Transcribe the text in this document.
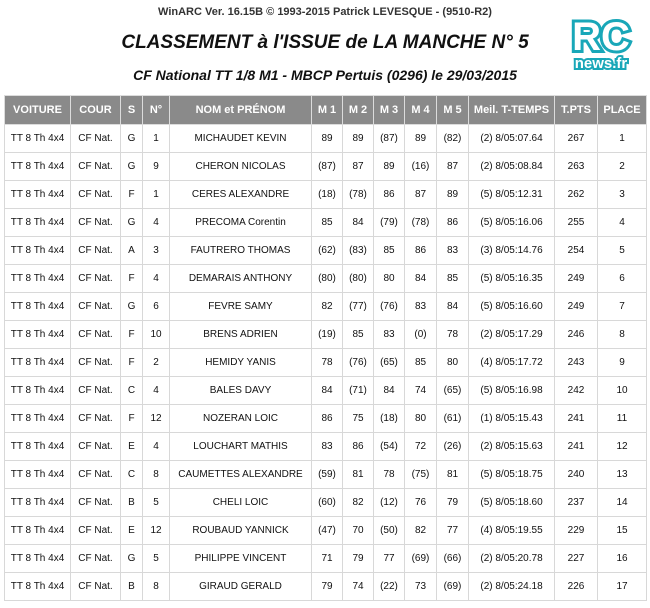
WinARC Ver. 16.15B © 1993-2015 Patrick LEVESQUE - (9510-R2)
RC
news.fr
CLASSEMENT à l'ISSUE de LA MANCHE N° 5
CF National TT 1/8 M1 - MBCP Pertuis (0296) le 29/03/2015
VOITURE	COUR	S	N°	NOM et PRÉNOM	M 1	M 2	M 3	M 4	M 5	Meil. T-TEMPS	T.PTS	PLACE
TT 8 Th 4x4	CF Nat.	G	1	MICHAUDET KEVIN	89	89	(87)	89	(82)	(2) 8/05:07.64	267	1
TT 8 Th 4x4	CF Nat.	G	9	CHERON NICOLAS	(87)	87	89	(16)	87	(2) 8/05:08.84	263	2
TT 8 Th 4x4	CF Nat.	F	1	CERES ALEXANDRE	(18)	(78)	86	87	89	(5) 8/05:12.31	262	3
TT 8 Th 4x4	CF Nat.	G	4	PRECOMA Corentin	85	84	(79)	(78)	86	(5) 8/05:16.06	255	4
TT 8 Th 4x4	CF Nat.	A	3	FAUTRERO THOMAS	(62)	(83)	85	86	83	(3) 8/05:14.76	254	5
TT 8 Th 4x4	CF Nat.	F	4	DEMARAIS ANTHONY	(80)	(80)	80	84	85	(5) 8/05:16.35	249	6
TT 8 Th 4x4	CF Nat.	G	6	FEVRE SAMY	82	(77)	(76)	83	84	(5) 8/05:16.60	249	7
TT 8 Th 4x4	CF Nat.	F	10	BRENS ADRIEN	(19)	85	83	(0)	78	(2) 8/05:17.29	246	8
TT 8 Th 4x4	CF Nat.	F	2	HEMIDY YANIS	78	(76)	(65)	85	80	(4) 8/05:17.72	243	9
TT 8 Th 4x4	CF Nat.	C	4	BALES DAVY	84	(71)	84	74	(65)	(5) 8/05:16.98	242	10
TT 8 Th 4x4	CF Nat.	F	12	NOZERAN LOIC	86	75	(18)	80	(61)	(1) 8/05:15.43	241	11
TT 8 Th 4x4	CF Nat.	E	4	LOUCHART MATHIS	83	86	(54)	72	(26)	(2) 8/05:15.63	241	12
TT 8 Th 4x4	CF Nat.	C	8	CAUMETTES ALEXANDRE	(59)	81	78	(75)	81	(5) 8/05:18.75	240	13
TT 8 Th 4x4	CF Nat.	B	5	CHELI LOIC	(60)	82	(12)	76	79	(5) 8/05:18.60	237	14
TT 8 Th 4x4	CF Nat.	E	12	ROUBAUD YANNICK	(47)	70	(50)	82	77	(4) 8/05:19.55	229	15
TT 8 Th 4x4	CF Nat.	G	5	PHILIPPE VINCENT	71	79	77	(69)	(66)	(2) 8/05:20.78	227	16
TT 8 Th 4x4	CF Nat.	B	8	GIRAUD GERALD	79	74	(22)	73	(69)	(2) 8/05:24.18	226	17
